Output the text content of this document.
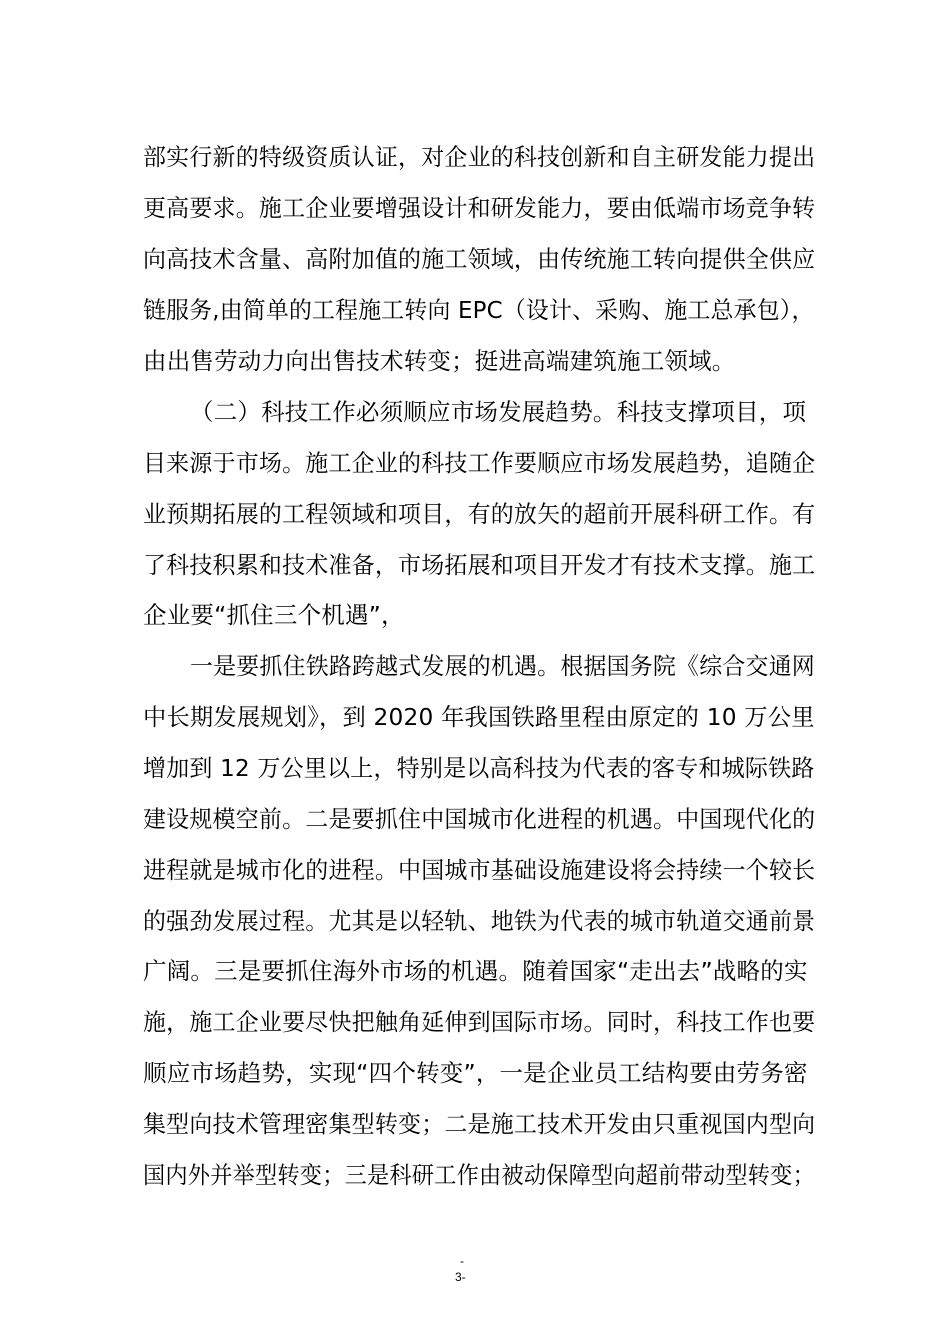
部实行新的特级资质认证，对企业的科技创新和自主研发能力提出
更高要求。施工企业要增强设计和研发能力，要由低端市场竞争转
向高技术含量、高附加值的施工领域，由传统施工转向提供全供应
链服务,由简单的工程施工转向 EPC（设计、采购、施工总承包），
由出售劳动力向出售技术转变；挺进高端建筑施工领域。
（二）科技工作必须顺应市场发展趋势。科技支撑项目，项
目来源于市场。施工企业的科技工作要顺应市场发展趋势，追随企
业预期拓展的工程领域和项目，有的放矢的超前开展科研工作。有
了科技积累和技术准备，市场拓展和项目开发才有技术支撑。施工
企业要“抓住三个机遇”，
一是要抓住铁路跨越式发展的机遇。根据国务院《综合交通网
中长期发展规划》，到 2020 年我国铁路里程由原定的 10 万公里
增加到 12 万公里以上，特别是以高科技为代表的客专和城际铁路
建设规模空前。二是要抓住中国城市化进程的机遇。中国现代化的
进程就是城市化的进程。中国城市基础设施建设将会持续一个较长
的强劲发展过程。尤其是以轻轨、地铁为代表的城市轨道交通前景
广阔。三是要抓住海外市场的机遇。随着国家“走出去”战略的实
施，施工企业要尽快把触角延伸到国际市场。同时，科技工作也要
顺应市场趋势，实现“四个转变”，一是企业员工结构要由劳务密
集型向技术管理密集型转变；二是施工技术开发由只重视国内型向
国内外并举型转变；三是科研工作由被动保障型向超前带动型转变；
-
3-
